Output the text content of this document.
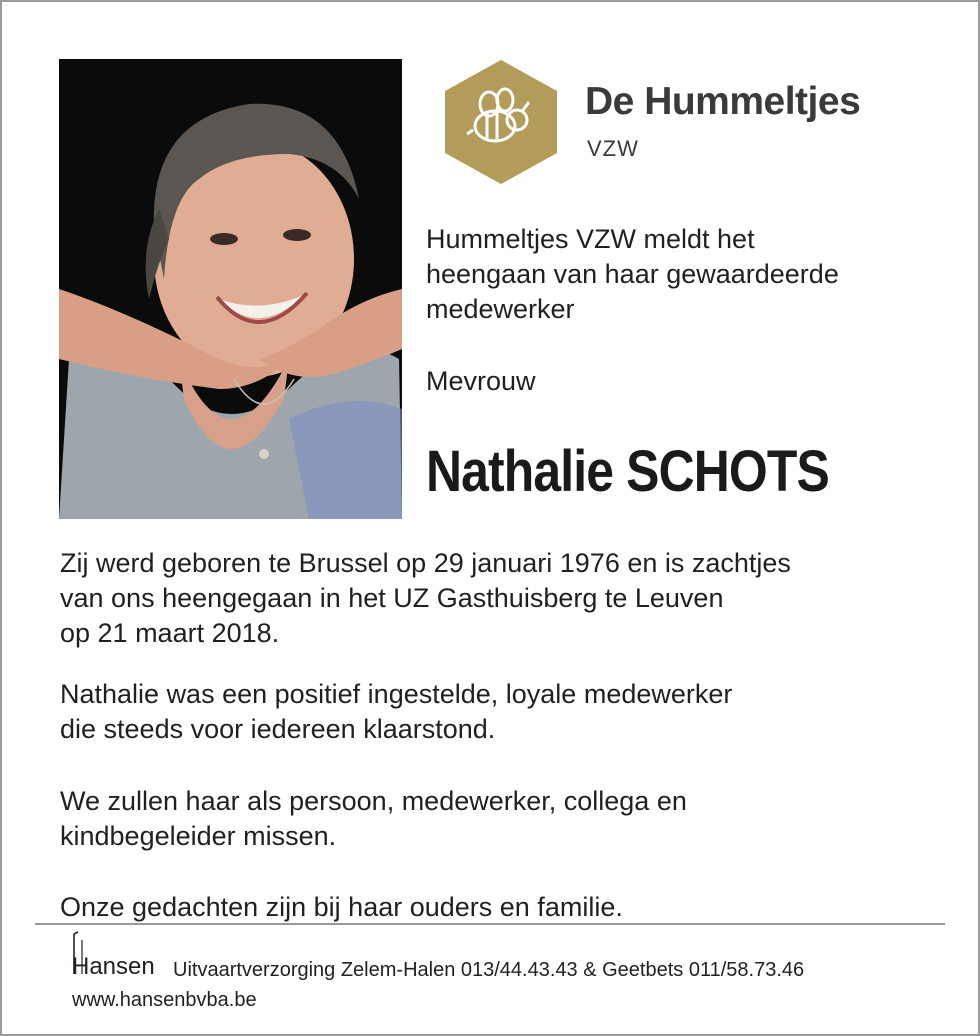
De Hummeltjes
VZW
Hummeltjes VZW meldt het
heengaan van haar gewaardeerde
medewerker
Mevrouw
Nathalie SCHOTS
Zij werd geboren te Brussel op 29 januari 1976 en is zachtjes
van ons heengegaan in het UZ Gasthuisberg te Leuven
op 21 maart 2018.
Nathalie was een positief ingestelde, loyale medewerker
die steeds voor iedereen klaarstond.
We zullen haar als persoon, medewerker, collega en
kindbegeleider missen.
Onze gedachten zijn bij haar ouders en familie.
Hansen Uitvaartverzorging Zelem-Halen 013/44.43.43 & Geetbets 011/58.73.46
www.hansenbvba.be
